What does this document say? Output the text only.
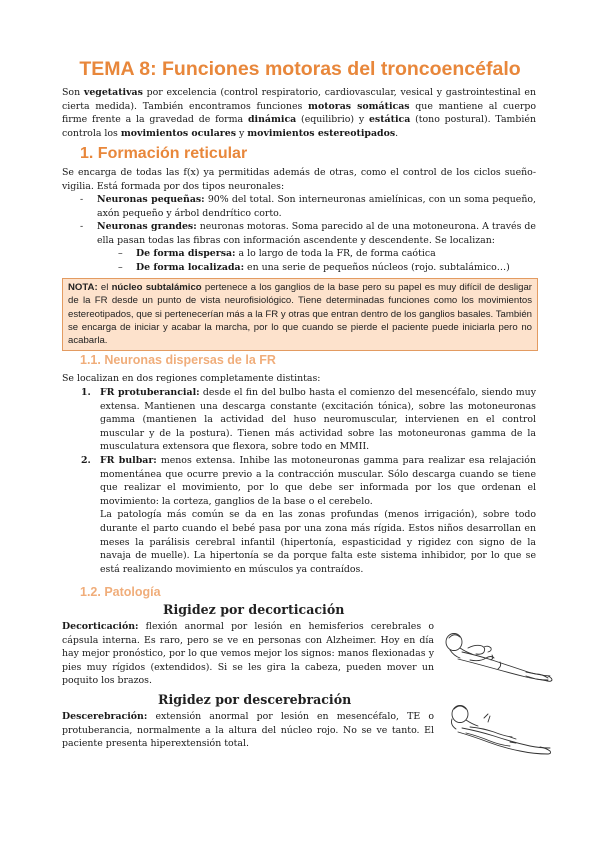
TEMA 8: Funciones motoras del troncoencéfalo

Son vegetativas por excelencia (control respiratorio, cardiovascular, vesical y gastrointestinal en cierta medida). También encontramos funciones motoras somáticas que mantiene al cuerpo firme frente a la gravedad de forma dinámica (equilibrio) y estática (tono postural). También controla los movimientos oculares y movimientos estereotipados.

1. Formación reticular

Se encarga de todas las f(x) ya permitidas además de otras, como el control de los ciclos sueño-vigilia. Está formada por dos tipos neuronales:

- Neuronas pequeñas: 90% del total. Son interneuronas amielínicas, con un soma pequeño, axón pequeño y árbol dendrítico corto.
- Neuronas grandes: neuronas motoras. Soma parecido al de una motoneurona. A través de ella pasan todas las fibras con información ascendente y descendente. Se localizan:
– De forma dispersa: a lo largo de toda la FR, de forma caótica
– De forma localizada: en una serie de pequeños núcleos (rojo. subtalámico…)
NOTA: el núcleo subtalámico pertenece a los ganglios de la base pero su papel es muy difícil de desligar de la FR desde un punto de vista neurofisiológico. Tiene determinadas funciones como los movimientos estereotipados, que si pertenecerían más a la FR y otras que entran dentro de los ganglios basales. También se encarga de iniciar y acabar la marcha, por lo que cuando se pierde el paciente puede iniciarla pero no acabarla.
1.1. Neuronas dispersas de la FR

Se localizan en dos regiones completamente distintas:

1. FR protuberancial: desde el fin del bulbo hasta el comienzo del mesencéfalo, siendo muy extensa. Mantienen una descarga constante (excitación tónica), sobre las motoneuronas gamma (mantienen la actividad del huso neuromuscular, intervienen en el control muscular y de la postura). Tienen más actividad sobre las motoneuronas gamma de la musculatura extensora que flexora, sobre todo en MMII.
2. FR bulbar: menos extensa. Inhibe las motoneuronas gamma para realizar esa relajación momentánea que ocurre previo a la contracción muscular. Sólo descarga cuando se tiene que realizar el movimiento, por lo que debe ser informada por los que ordenan el movimiento: la corteza, ganglios de la base o el cerebelo.
La patología más común se da en las zonas profundas (menos irrigación), sobre todo durante el parto cuando el bebé pasa por una zona más rígida. Estos niños desarrollan en meses la parálisis cerebral infantil (hipertonía, espasticidad y rigidez con signo de la navaja de muelle). La hipertonía se da porque falta este sistema inhibidor, por lo que se está realizando movimiento en músculos ya contraídos.
1.2. Patología
Rigidez por decorticación

Decorticación: flexión anormal por lesión en hemisferios cerebrales o cápsula interna. Es raro, pero se ve en personas con Alzheimer. Hoy en día hay mejor pronóstico, por lo que vemos mejor los signos: manos flexionadas y pies muy rígidos (extendidos). Si se les gira la cabeza, pueden mover un poquito los brazos.

Rigidez por descerebración

Descerebración: extensión anormal por lesión en mesencéfalo, TE o protuberancia, normalmente a la altura del núcleo rojo. No se ve tanto. El paciente presenta hiperextensión total.
